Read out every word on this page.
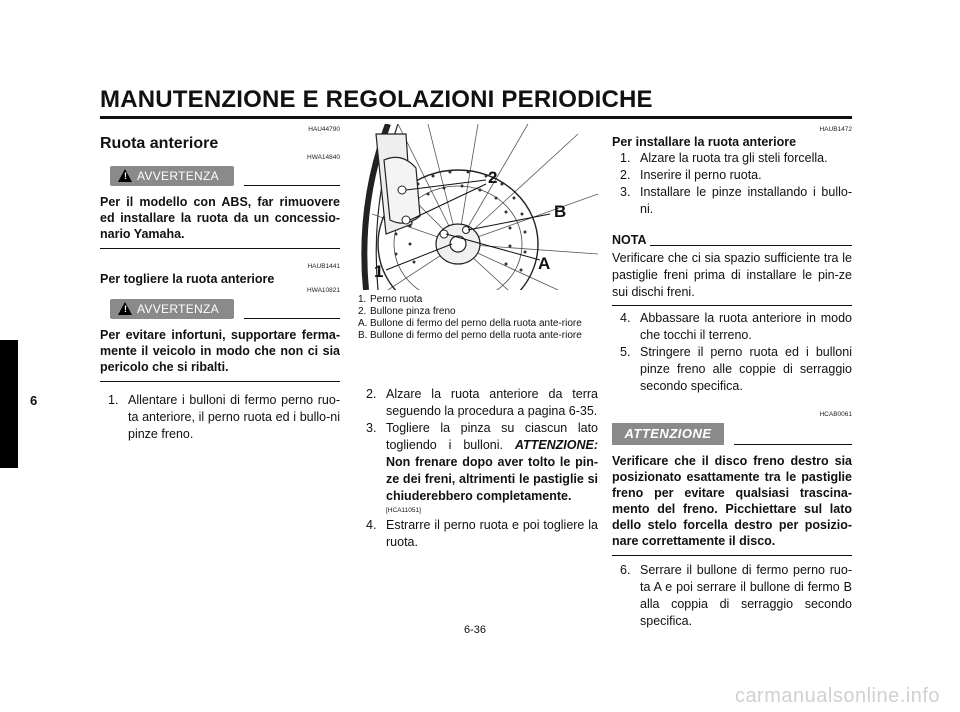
MANUTENZIONE E REGOLAZIONI PERIODICHE
6
HAU44790
Ruota anteriore
HWA14840
! AVVERTENZA
Per il modello con ABS, far rimuovere ed installare la ruota da un concessio-nario Yamaha.
HAUB1441
Per togliere la ruota anteriore
HWA10821
! AVVERTENZA
Per evitare infortuni, supportare ferma-mente il veicolo in modo che non ci sia pericolo che si ribalti.
1. Allentare i bulloni di fermo perno ruo-ta anteriore, il perno ruota ed i bullo-ni pinze freno.
2
B
1	A
1. Perno ruota
2. Bullone pinza freno
A. Bullone di fermo del perno della ruota ante-riore
B. Bullone di fermo del perno della ruota ante-riore
2. Alzare la ruota anteriore da terra seguendo la procedura a pagina 6-35.
3. Togliere la pinza su ciascun lato togliendo i bulloni. ATTENZIONE: Non frenare dopo aver tolto le pin-ze dei freni, altrimenti le pastiglie si chiuderebbero completamente.
[HCA11051]
4. Estrarre il perno ruota e poi togliere la ruota.
HAUB1472
Per installare la ruota anteriore
1. Alzare la ruota tra gli steli forcella.
2. Inserire il perno ruota.
3. Installare le pinze installando i bullo-ni.
NOTA
Verificare che ci sia spazio sufficiente tra le pastiglie freni prima di installare le pin-ze sui dischi freni.
4. Abbassare la ruota anteriore in modo che tocchi il terreno.
5. Stringere il perno ruota ed i bulloni pinze freno alle coppie di serraggio secondo specifica.
HCAB0061
ATTENZIONE
Verificare che il disco freno destro sia posizionato esattamente tra le pastiglie freno per evitare qualsiasi trascina-mento del freno. Picchiettare sul lato dello stelo forcella destro per posizio-nare correttamente il disco.
6. Serrare il bullone di fermo perno ruo-ta A e poi serrare il bullone di fermo B alla coppia di serraggio secondo specifica.
6-36
carmanualsonline.info
